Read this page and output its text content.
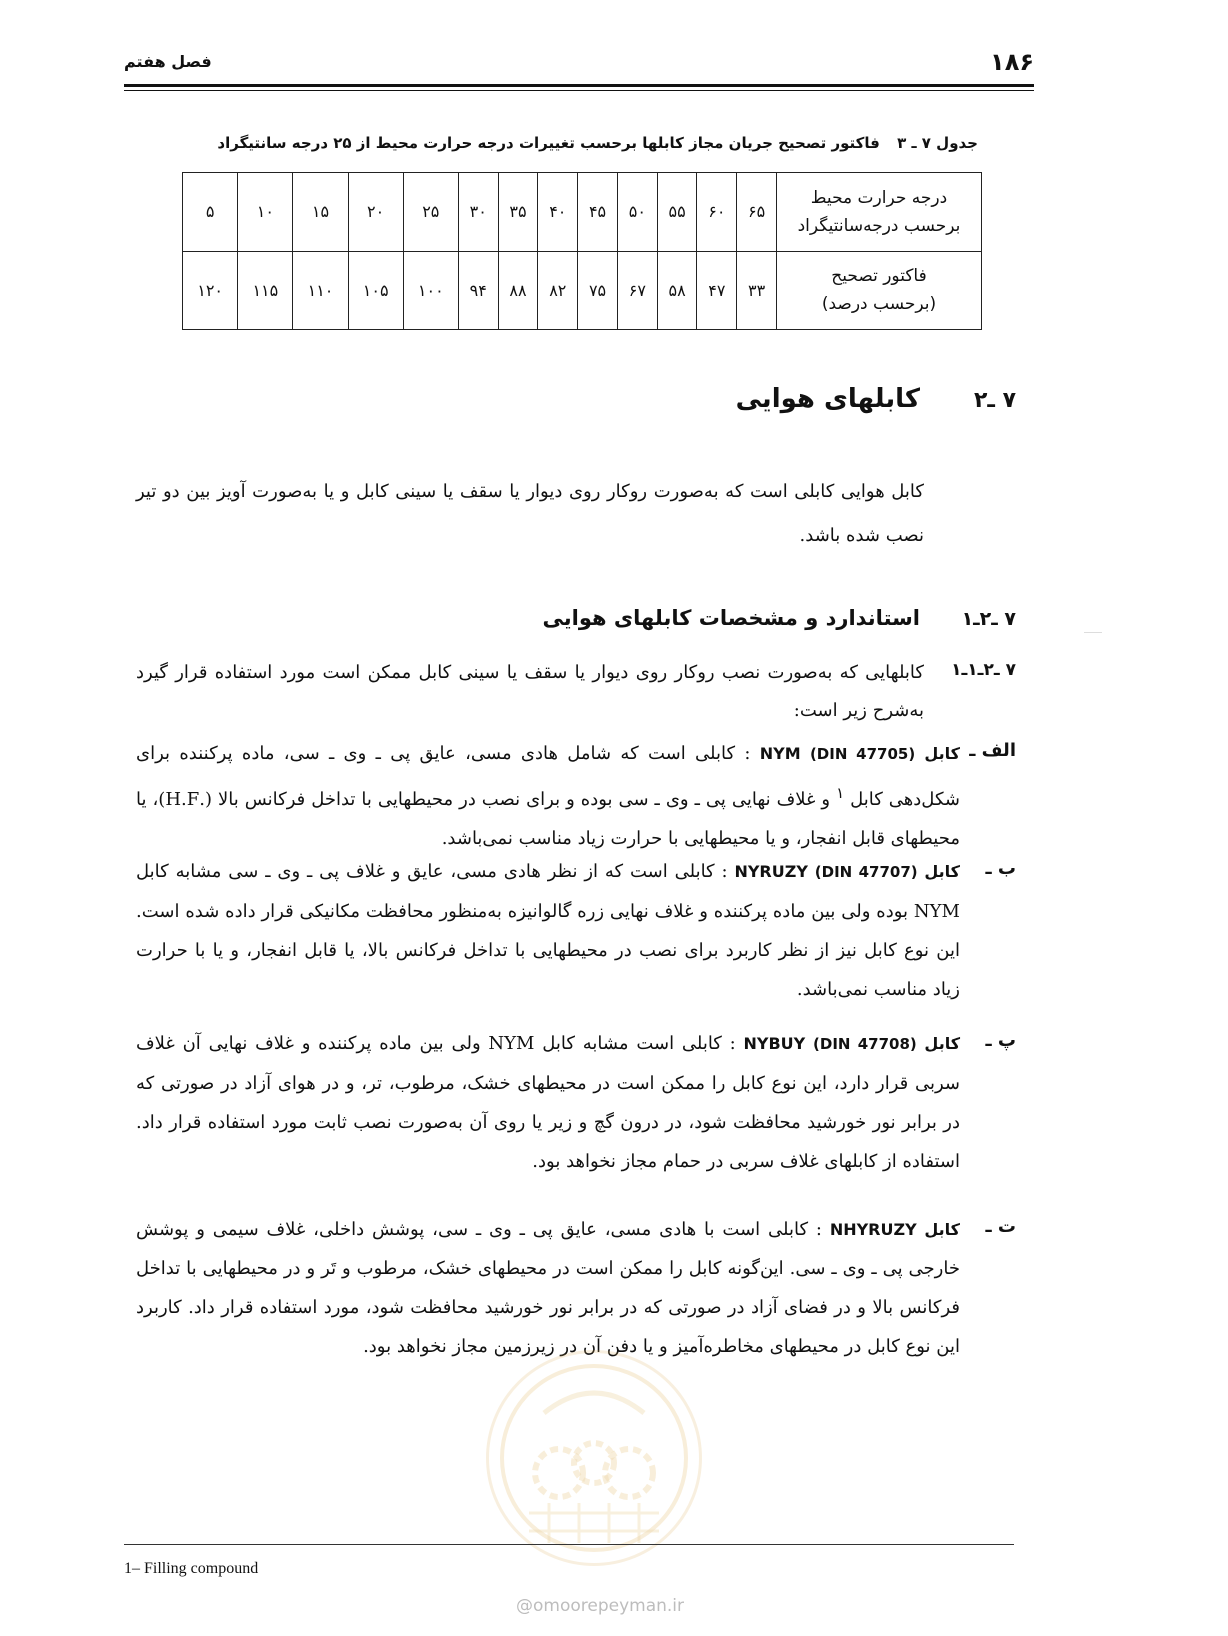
۱۸۶
فصل هفتم
جدول ۷ ـ ۳ فاکتور تصحیح جریان مجاز کابلها برحسب تغییرات درجه حرارت محیط از ۲۵ درجه سانتیگراد
درجه حرارت محیط
برحسب درجه‌سانتیگراد	۶۵	۶۰	۵۵	۵۰	۴۵	۴۰	۳۵	۳۰	۲۵	۲۰	۱۵	۱۰	۵

فاکتور تصحیح
(برحسب درصد)	۳۳	۴۷	۵۸	۶۷	۷۵	۸۲	۸۸	۹۴	۱۰۰	۱۰۵	۱۱۰	۱۱۵	۱۲۰
۷ ـ۲
کابلهای هوایی
کابل هوایی کابلی است که به‌صورت روکار روی دیوار یا سقف یا سینی کابل و یا به‌صورت آویز بین دو تیر نصب شده باشد.
۷ ـ۲ـ۱
استاندارد و مشخصات کابلهای هوایی
۷ ـ۲ـ۱ـ۱
کابلهایی که به‌صورت نصب روکار روی دیوار یا سقف یا سینی کابل ممکن است مورد استفاده قرار گیرد به‌شرح زیر است:
الف ـ
کابل NYM (DIN 47705) : کابلی است که شامل هادی مسی، عایق پی ـ وی ـ سی، ماده پرکننده برای شکل‌دهی کابل $^۱$ و غلاف نهایی پی ـ وی ـ سی بوده و برای نصب در محیطهایی با تداخل فرکانس بالا (.H.F)، یا محیطهای قابل انفجار، و یا محیطهایی با حرارت زیاد مناسب نمی‌باشد.
ب ـ
کابل NYRUZY (DIN 47707) : کابلی است که از نظر هادی مسی، عایق و غلاف پی ـ وی ـ سی مشابه کابل NYM بوده ولی بین ماده پرکننده و غلاف نهایی زره گالوانیزه به‌منظور محافظت مکانیکی قرار داده شده است. این نوع کابل نیز از نظر کاربرد برای نصب در محیطهایی با تداخل فرکانس بالا، یا قابل انفجار، و یا با حرارت زیاد مناسب نمی‌باشد.
پ ـ
کابل NYBUY (DIN 47708) : کابلی است مشابه کابل NYM ولی بین ماده پرکننده و غلاف نهایی آن غلاف سربی قرار دارد، این نوع کابل را ممکن است در محیطهای خشک، مرطوب، تر، و در هوای آزاد در صورتی که در برابر نور خورشید محافظت شود، در درون گچ و زیر یا روی آن به‌صورت نصب ثابت مورد استفاده قرار داد. استفاده از کابلهای غلاف سربی در حمام مجاز نخواهد بود.
ت ـ
کابل NHYRUZY : کابلی است با هادی مسی، عایق پی ـ وی ـ سی، پوشش داخلی، غلاف سیمی و پوشش خارجی پی ـ وی ـ سی. این‌گونه کابل را ممکن است در محیطهای خشک، مرطوب و تَر و در محیطهایی با تداخل فرکانس بالا و در فضای آزاد در صورتی که در برابر نور خورشید محافظت شود، مورد استفاده قرار داد. کاربرد این نوع کابل در محیطهای مخاطره‌آمیز و یا دفن آن در زیرزمین مجاز نخواهد بود.
1– Filling compound
@omoorepeyman.ir
